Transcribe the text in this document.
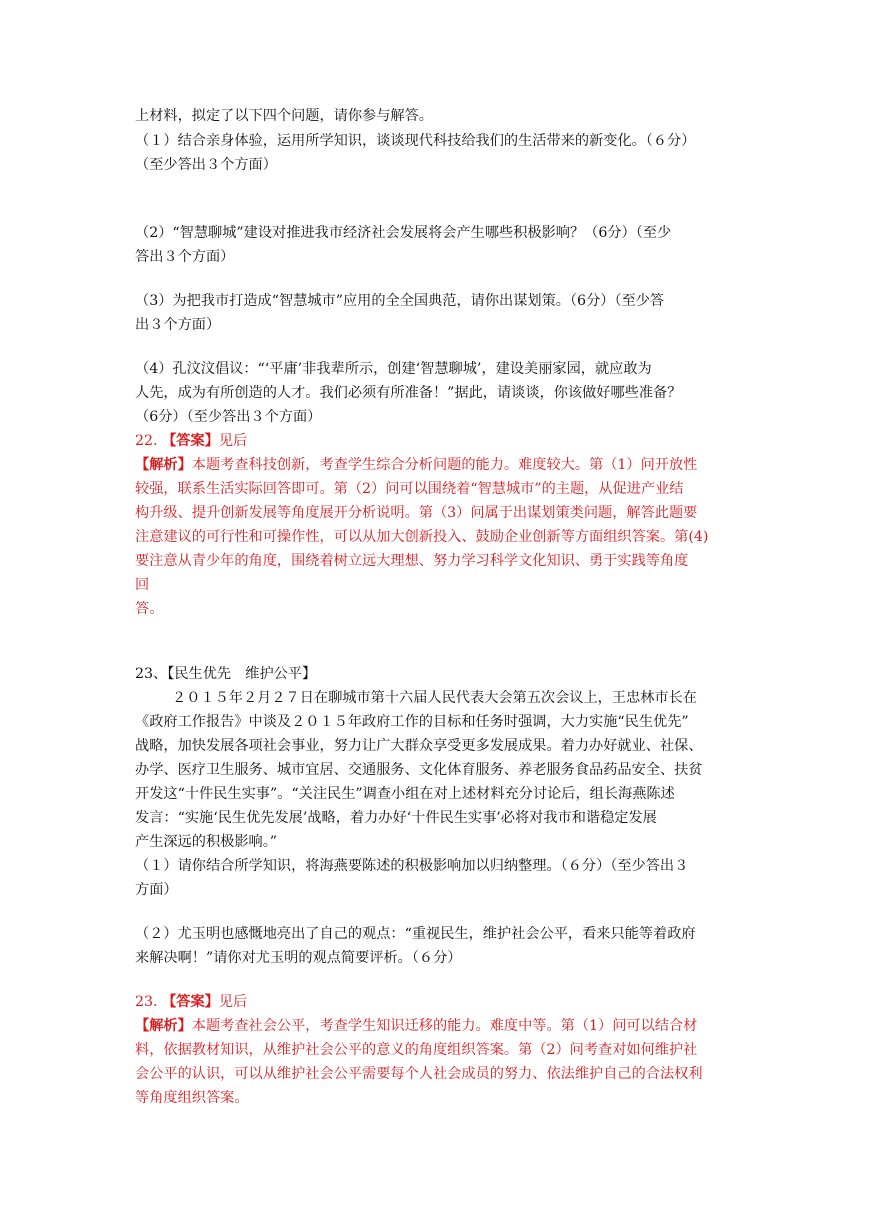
上材料，拟定了以下四个问题，请你参与解答。
（１）结合亲身体验，运用所学知识，谈谈现代科技给我们的生活带来的新变化。（６分）
（至少答出３个方面）
（2）“智慧聊城”建设对推进我市经济社会发展将会产生哪些积极影响？（6分）（至少
答出３个方面）
（3）为把我市打造成“智慧城市”应用的全全国典范，请你出谋划策。（6分）（至少答
出３个方面）
（4）孔汶汶倡议：“‘平庸’非我辈所示，创建‘智慧聊城’，建设美丽家园，就应敢为
人先，成为有所创造的人才。我们必须有所准备！”据此，请谈谈，你该做好哪些准备？
（6分）（至少答出３个方面）
22. 【答案】见后
【解析】本题考查科技创新，考查学生综合分析问题的能力。难度较大。第（1）问开放性
较强，联系生活实际回答即可。第（2）问可以围绕着“智慧城市”的主题，从促进产业结
构升级、提升创新发展等角度展开分析说明。第（3）问属于出谋划策类问题，解答此题要
注意建议的可行性和可操作性，可以从加大创新投入、鼓励企业创新等方面组织答案。第(4)
要注意从青少年的角度，围绕着树立远大理想、努力学习科学文化知识、勇于实践等角度
回
答。
23、【民生优先　维护公平】
２０１５年２月２７日在聊城市第十六届人民代表大会第五次会议上，王忠林市长在
《政府工作报告》中谈及２０１５年政府工作的目标和任务时强调，大力实施“民生优先”
战略，加快发展各项社会事业，努力让广大群众享受更多发展成果。着力办好就业、社保、
办学、医疗卫生服务、城市宜居、交通服务、文化体育服务、养老服务食品药品安全、扶贫
开发这“十件民生实事”。“关注民生”调查小组在对上述材料充分讨论后，组长海燕陈述
发言：“实施‘民生优先发展’战略，着力办好‘十件民生实事’必将对我市和谐稳定发展
产生深远的积极影响。”
（１）请你结合所学知识，将海燕要陈述的积极影响加以归纳整理。（６分）（至少答出３
方面）
（２）尤玉明也感慨地亮出了自己的观点：“重视民生，维护社会公平，看来只能等着政府
来解决啊！”请你对尤玉明的观点简要评析。（６分）
23. 【答案】见后
【解析】本题考查社会公平，考查学生知识迁移的能力。难度中等。第（1）问可以结合材
料，依据教材知识，从维护社会公平的意义的角度组织答案。第（2）问考查对如何维护社
会公平的认识，可以从维护社会公平需要每个人社会成员的努力、依法维护自己的合法权利
等角度组织答案。
